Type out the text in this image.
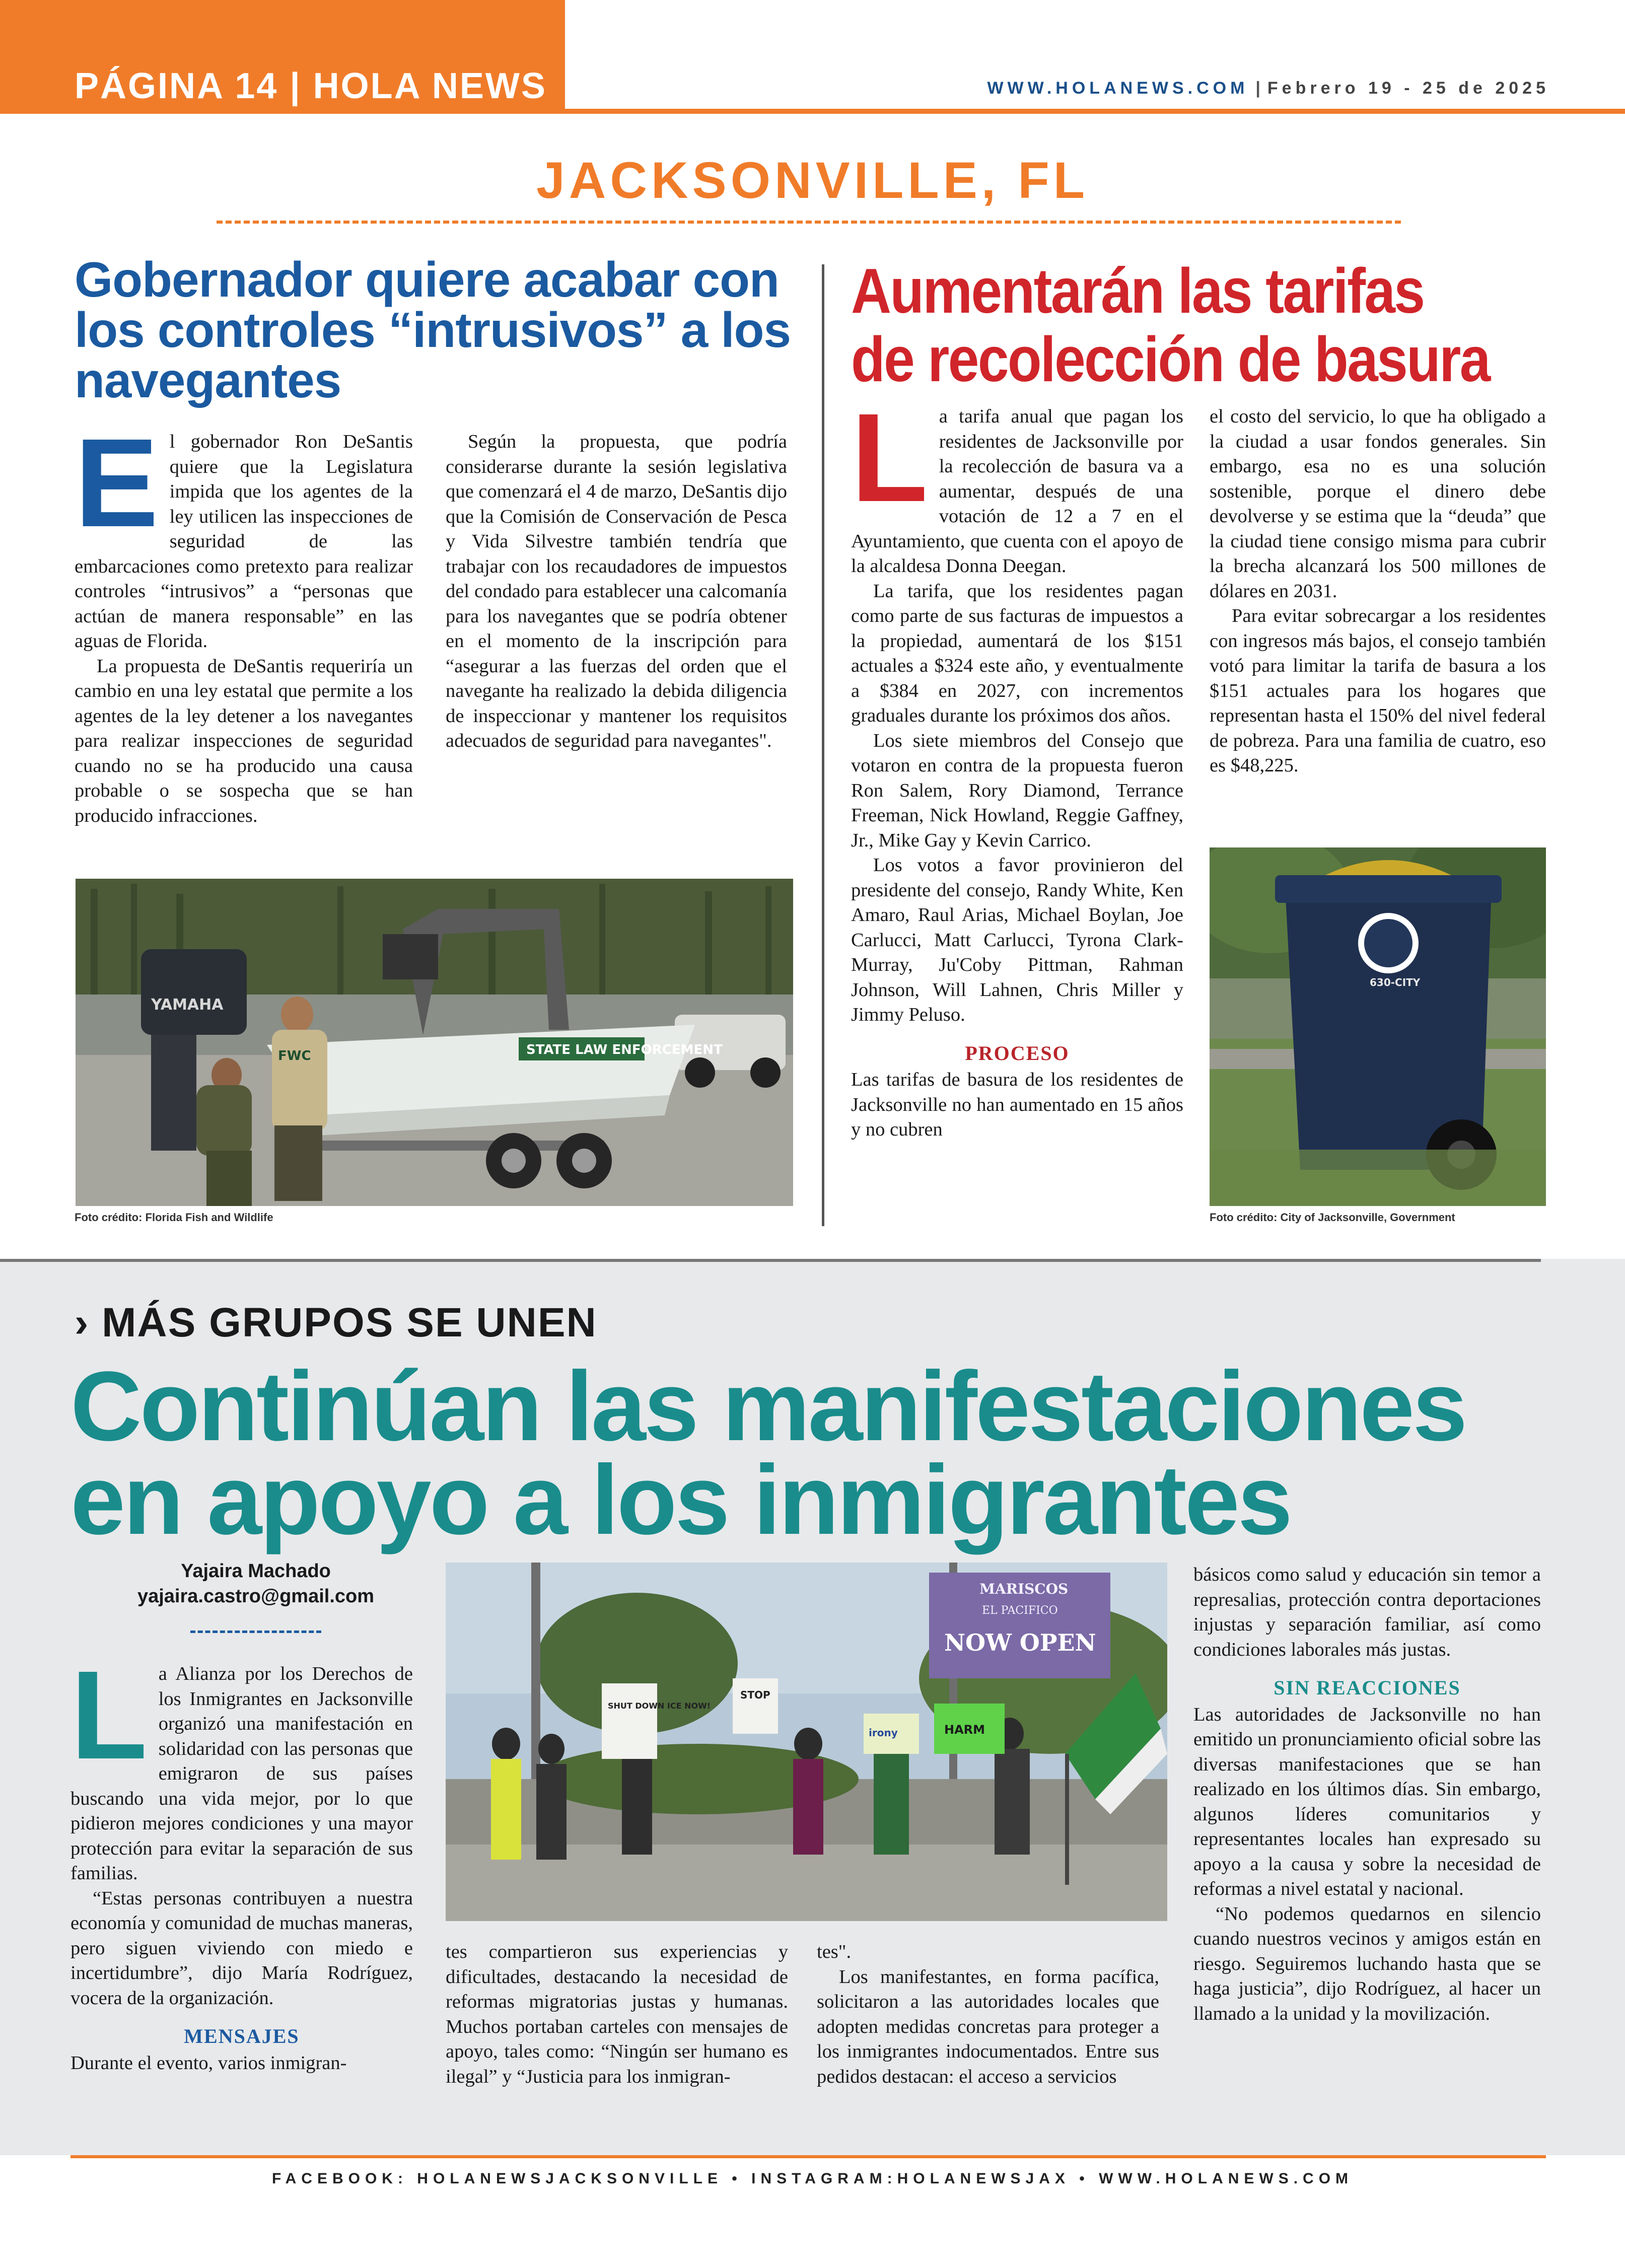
PÁGINA 14 | HOLA NEWS	WWW.HOLANEWS.COM | Febrero 19 - 25 de 2025
JACKSONVILLE, FL
Gobernador quiere acabar con los controles “intrusivos” a los navegantes

El gobernador Ron DeSantis quiere que la Legislatura impida que los agentes de la ley utilicen las inspecciones de seguridad de las embarcaciones como pretexto para realizar controles “intrusivos” a “personas que actúan de manera responsable” en las aguas de Florida.

La propuesta de DeSantis requeriría un cambio en una ley estatal que permite a los agentes de la ley detener a los navegantes para realizar inspecciones de seguridad cuando no se ha producido una causa probable o se sospecha que se han producido infracciones.

Según la propuesta, que podría considerarse durante la sesión legislativa que comenzará el 4 de marzo, DeSantis dijo que la Comisión de Conservación de Pesca y Vida Silvestre también tendría que trabajar con los recaudadores de impuestos del condado para establecer una calcomanía para los navegantes que se podría obtener en el momento de la inscripción para “asegurar a las fuerzas del orden que el navegante ha realizado la debida diligencia de inspeccionar y mantener los requisitos adecuados de seguridad para navegantes".

STATE LAW ENFORCEMENT
YAMAHA
FWC
Foto crédito: Florida Fish and Wildlife
Aumentarán las tarifas
de recolección de basura

La tarifa anual que pagan los residentes de Jacksonville por la recolección de basura va a aumentar, después de una votación de 12 a 7 en el Ayuntamiento, que cuenta con el apoyo de la alcaldesa Donna Deegan.

La tarifa, que los residentes pagan como parte de sus facturas de impuestos a la propiedad, aumentará de los $151 actuales a $324 este año, y eventualmente a $384 en 2027, con incrementos graduales durante los próximos dos años.

Los siete miembros del Consejo que votaron en contra de la propuesta fueron Ron Salem, Rory Diamond, Terrance Freeman, Nick Howland, Reggie Gaffney, Jr., Mike Gay y Kevin Carrico.

Los votos a favor provinieron del presidente del consejo, Randy White, Ken Amaro, Raul Arias, Michael Boylan, Joe Carlucci, Matt Carlucci, Tyrona Clark-Murray, Ju'Coby Pittman, Rahman Johnson, Will Lahnen, Chris Miller y Jimmy Peluso.

PROCESO

Las tarifas de basura de los residentes de Jacksonville no han aumentado en 15 años y no cubren

el costo del servicio, lo que ha obligado a la ciudad a usar fondos generales. Sin embargo, esa no es una solución sostenible, porque el dinero debe devolverse y se estima que la “deuda” que la ciudad tiene consigo misma para cubrir la brecha alcanzará los 500 millones de dólares en 2031.

Para evitar sobrecargar a los residentes con ingresos más bajos, el consejo también votó para limitar la tarifa de basura a los $151 actuales para los hogares que representan hasta el 150% del nivel federal de pobreza. Para una familia de cuatro, eso es $48,225.

630-CITY
Foto crédito: City of Jacksonville, Government
› MÁS GRUPOS SE UNEN
Continúan las manifestaciones
en apoyo a los inmigrantes
Yajaira Machado
yajaira.castro@gmail.com

La Alianza por los Derechos de los Inmigrantes en Jacksonville organizó una manifestación en solidaridad con las personas que emigraron de sus países buscando una vida mejor, por lo que pidieron mejores condiciones y una mayor protección para evitar la separación de sus familias.

“Estas personas contribuyen a nuestra economía y comunidad de muchas maneras, pero siguen viviendo con miedo e incertidumbre”, dijo María Rodríguez, vocera de la organización.

MENSAJES

Durante el evento, varios inmigran-

MARISCOS
EL PACIFICO
NOW OPEN
SHUT DOWN ICE NOW!
STOP
irony	HARM

tes compartieron sus experiencias y dificultades, destacando la necesidad de reformas migratorias justas y humanas. Muchos portaban carteles con mensajes de apoyo, tales como: “Ningún ser humano es ilegal” y “Justicia para los inmigran-

tes".

Los manifestantes, en forma pacífica, solicitaron a las autoridades locales que adopten medidas concretas para proteger a los inmigrantes indocumentados. Entre sus pedidos destacan: el acceso a servicios

básicos como salud y educación sin temor a represalias, protección contra deportaciones injustas y separación familiar, así como condiciones laborales más justas.

SIN REACCIONES

Las autoridades de Jacksonville no han emitido un pronunciamiento oficial sobre las diversas manifestaciones que se han realizado en los últimos días. Sin embargo, algunos líderes comunitarios y representantes locales han expresado su apoyo a la causa y sobre la necesidad de reformas a nivel estatal y nacional.

“No podemos quedarnos en silencio cuando nuestros vecinos y amigos están en riesgo. Seguiremos luchando hasta que se haga justicia”, dijo Rodríguez, al hacer un llamado a la unidad y la movilización.

FACEBOOK: HOLANEWSJACKSONVILLE • INSTAGRAM:HOLANEWSJAX • WWW.HOLANEWS.COM
